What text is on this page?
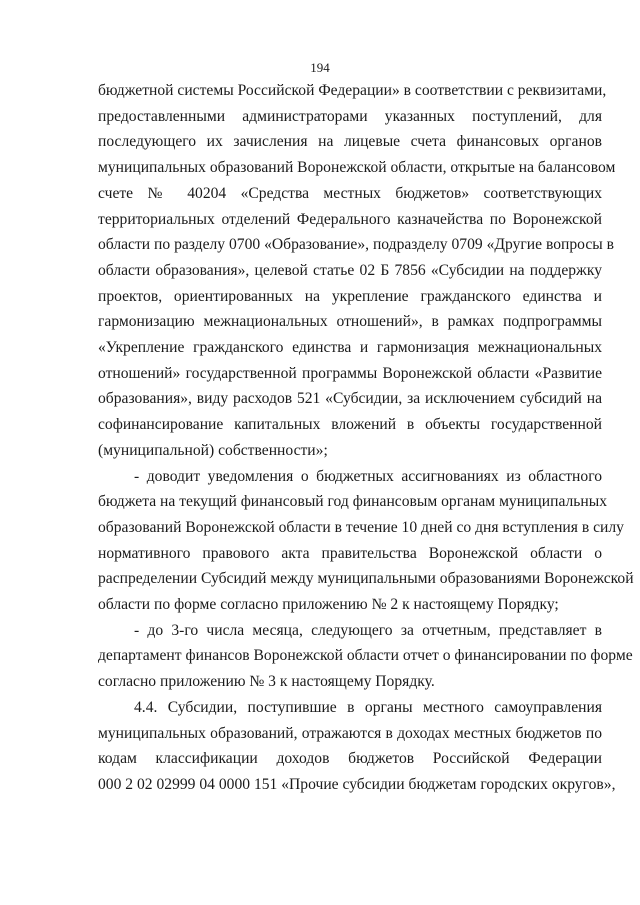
194

бюджетной системы Российской Федерации» в соответствии с реквизитами,
предоставленными администраторами указанных поступлений, для
последующего их зачисления на лицевые счета финансовых органов
муниципальных образований Воронежской области, открытые на балансовом
счете № 40204 «Средства местных бюджетов» соответствующих
территориальных отделений Федерального казначейства по Воронежской
области по разделу 0700 «Образование», подразделу 0709 «Другие вопросы в
области образования», целевой статье 02 Б 7856 «Субсидии на поддержку
проектов, ориентированных на укрепление гражданского единства и
гармонизацию межнациональных отношений», в рамках подпрограммы
«Укрепление гражданского единства и гармонизация межнациональных
отношений» государственной программы Воронежской области «Развитие
образования», виду расходов 521 «Субсидии, за исключением субсидий на
софинансирование капитальных вложений в объекты государственной
(муниципальной) собственности»;

- доводит уведомления о бюджетных ассигнованиях из областного
бюджета на текущий финансовый год финансовым органам муниципальных
образований Воронежской области в течение 10 дней со дня вступления в силу
нормативного правового акта правительства Воронежской области о
распределении Субсидий между муниципальными образованиями Воронежской
области по форме согласно приложению № 2 к настоящему Порядку;

- до 3-го числа месяца, следующего за отчетным, представляет в
департамент финансов Воронежской области отчет о финансировании по форме
согласно приложению № 3 к настоящему Порядку.

4.4. Субсидии, поступившие в органы местного самоуправления
муниципальных образований, отражаются в доходах местных бюджетов по
кодам классификации доходов бюджетов Российской Федерации
000 2 02 02999 04 0000 151 «Прочие субсидии бюджетам городских округов»,
